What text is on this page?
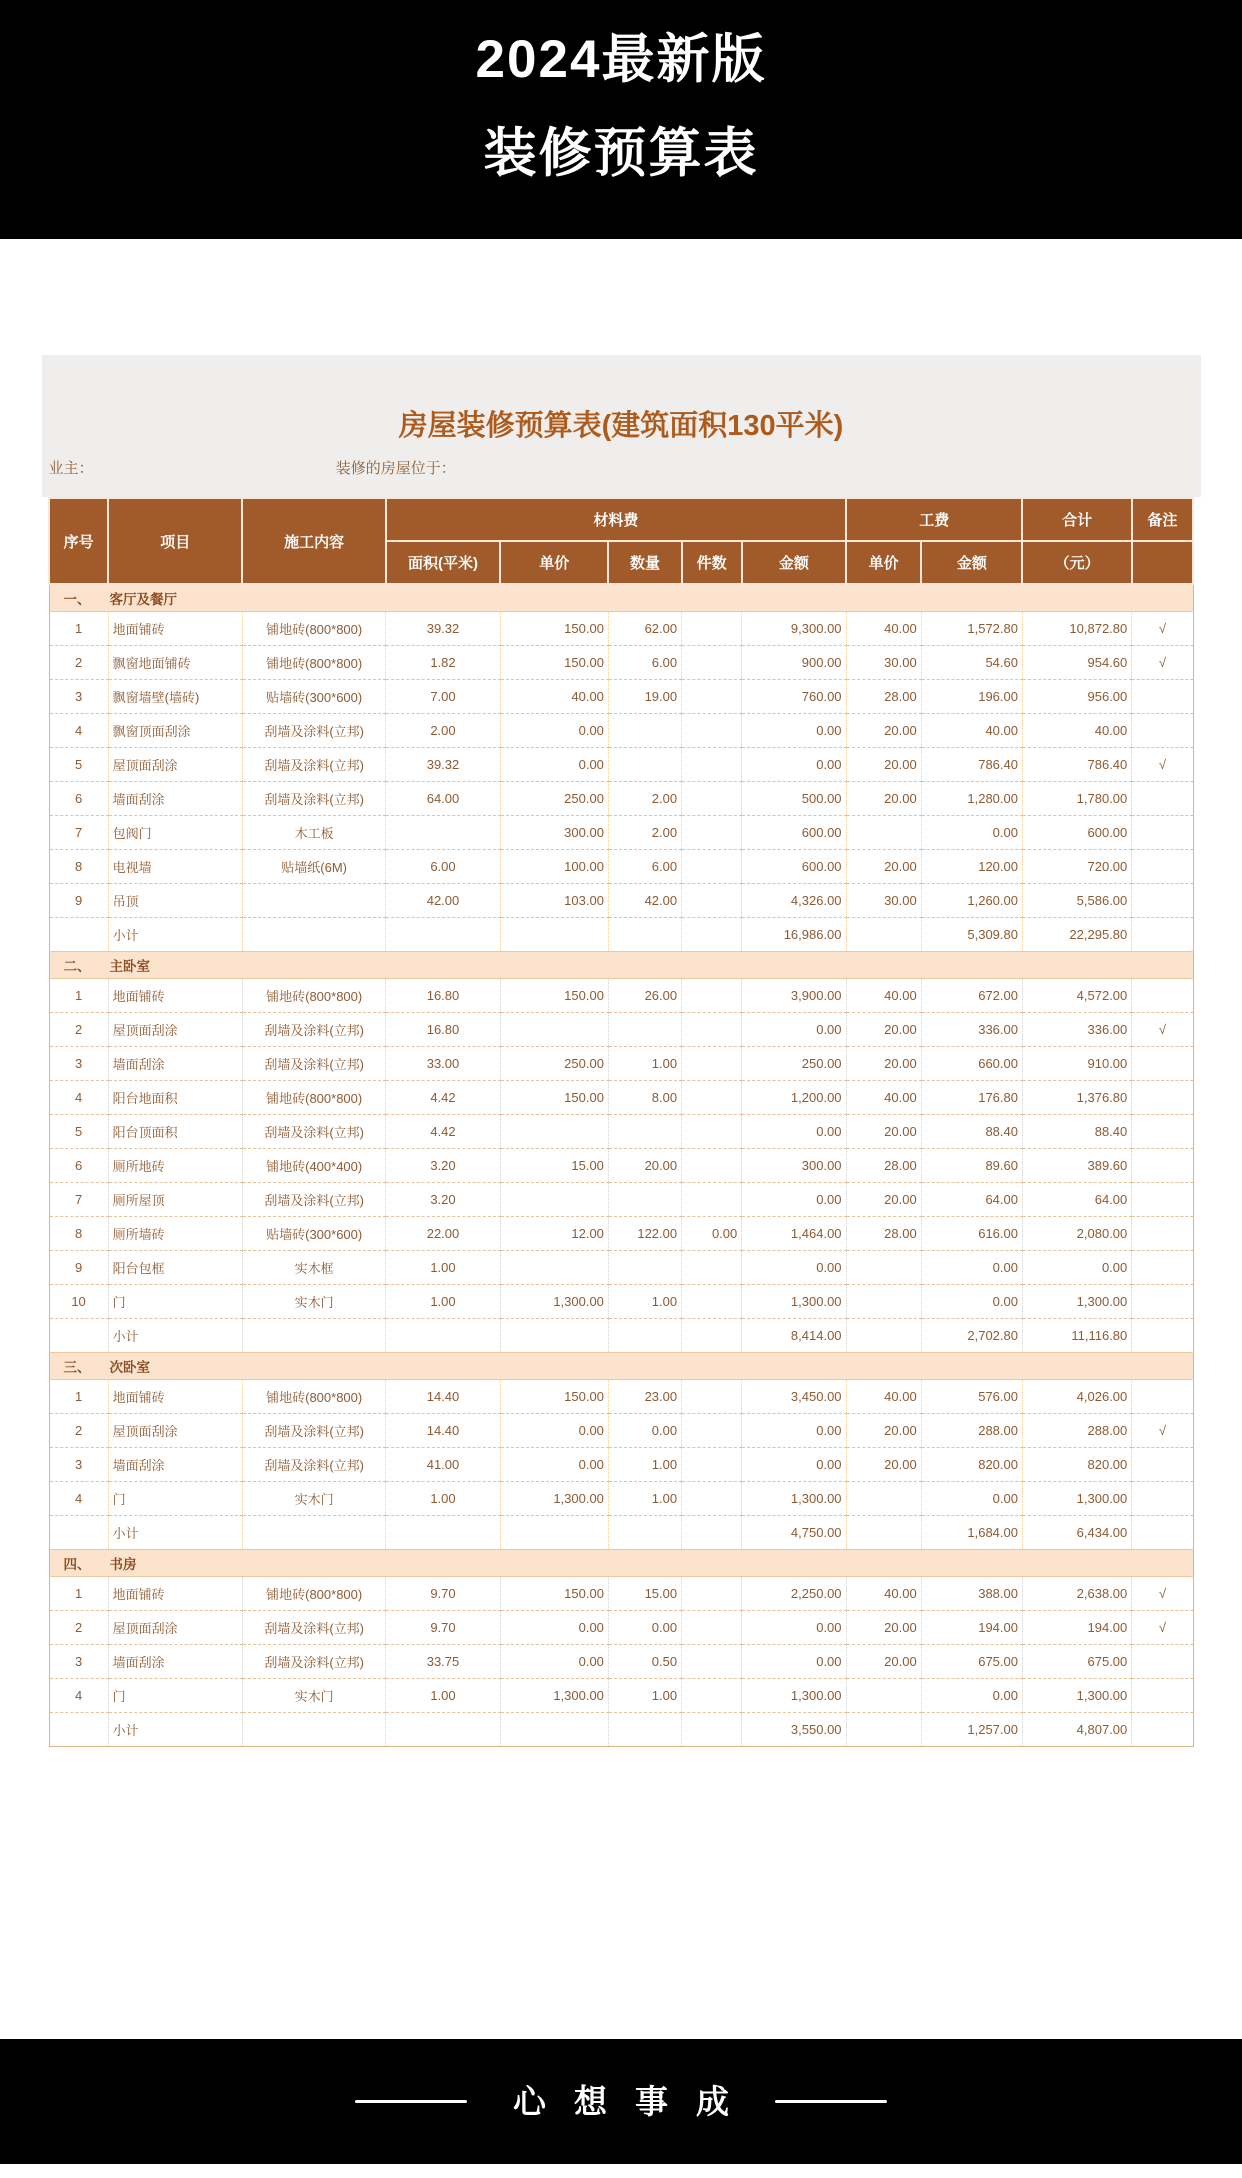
2024最新版
装修预算表
房屋装修预算表(建筑面积130平米)
业主：	装修的房屋位于：
序号	项目	施工内容	材料费					工费		合计	备注
			面积(平米)	单价	数量	件数	金额	单价	金额	（元）	
一、 客厅及餐厅											
1	地面铺砖	铺地砖(800*800)	39.32	150.00	62.00		9,300.00	40.00	1,572.80	10,872.80	√
2	飘窗地面铺砖	铺地砖(800*800)	1.82	150.00	6.00		900.00	30.00	54.60	954.60	√
3	飘窗墙壁(墙砖)	贴墙砖(300*600)	7.00	40.00	19.00		760.00	28.00	196.00	956.00	
4	飘窗顶面刮涂	刮墙及涂料(立邦)	2.00	0.00			0.00	20.00	40.00	40.00	
5	屋顶面刮涂	刮墙及涂料(立邦)	39.32	0.00			0.00	20.00	786.40	786.40	√
6	墙面刮涂	刮墙及涂料(立邦)	64.00	250.00	2.00		500.00	20.00	1,280.00	1,780.00	
7	包阀门	木工板		300.00	2.00		600.00		0.00	600.00	
8	电视墙	贴墙纸(6M)	6.00	100.00	6.00		600.00	20.00	120.00	720.00	
9	吊顶		42.00	103.00	42.00		4,326.00	30.00	1,260.00	5,586.00	
	小计						16,986.00		5,309.80	22,295.80	
二、 主卧室											
1	地面铺砖	铺地砖(800*800)	16.80	150.00	26.00		3,900.00	40.00	672.00	4,572.00	
2	屋顶面刮涂	刮墙及涂料(立邦)	16.80				0.00	20.00	336.00	336.00	√
3	墙面刮涂	刮墙及涂料(立邦)	33.00	250.00	1.00		250.00	20.00	660.00	910.00	
4	阳台地面积	铺地砖(800*800)	4.42	150.00	8.00		1,200.00	40.00	176.80	1,376.80	
5	阳台顶面积	刮墙及涂料(立邦)	4.42				0.00	20.00	88.40	88.40	
6	厕所地砖	铺地砖(400*400)	3.20	15.00	20.00		300.00	28.00	89.60	389.60	
7	厕所屋顶	刮墙及涂料(立邦)	3.20				0.00	20.00	64.00	64.00	
8	厕所墙砖	贴墙砖(300*600)	22.00	12.00	122.00	0.00	1,464.00	28.00	616.00	2,080.00	
9	阳台包框	实木框	1.00				0.00		0.00	0.00	
10	门	实木门	1.00	1,300.00	1.00		1,300.00		0.00	1,300.00	
	小计						8,414.00		2,702.80	11,116.80	
三、 次卧室											
1	地面铺砖	铺地砖(800*800)	14.40	150.00	23.00		3,450.00	40.00	576.00	4,026.00	
2	屋顶面刮涂	刮墙及涂料(立邦)	14.40	0.00	0.00		0.00	20.00	288.00	288.00	√
3	墙面刮涂	刮墙及涂料(立邦)	41.00	0.00	1.00		0.00	20.00	820.00	820.00	
4	门	实木门	1.00	1,300.00	1.00		1,300.00		0.00	1,300.00	
	小计						4,750.00		1,684.00	6,434.00	
四、 书房											
1	地面铺砖	铺地砖(800*800)	9.70	150.00	15.00		2,250.00	40.00	388.00	2,638.00	√
2	屋顶面刮涂	刮墙及涂料(立邦)	9.70	0.00	0.00		0.00	20.00	194.00	194.00	√
3	墙面刮涂	刮墙及涂料(立邦)	33.75	0.00	0.50		0.00	20.00	675.00	675.00	
4	门	实木门	1.00	1,300.00	1.00		1,300.00		0.00	1,300.00	
	小计						3,550.00		1,257.00	4,807.00	
心想事成
